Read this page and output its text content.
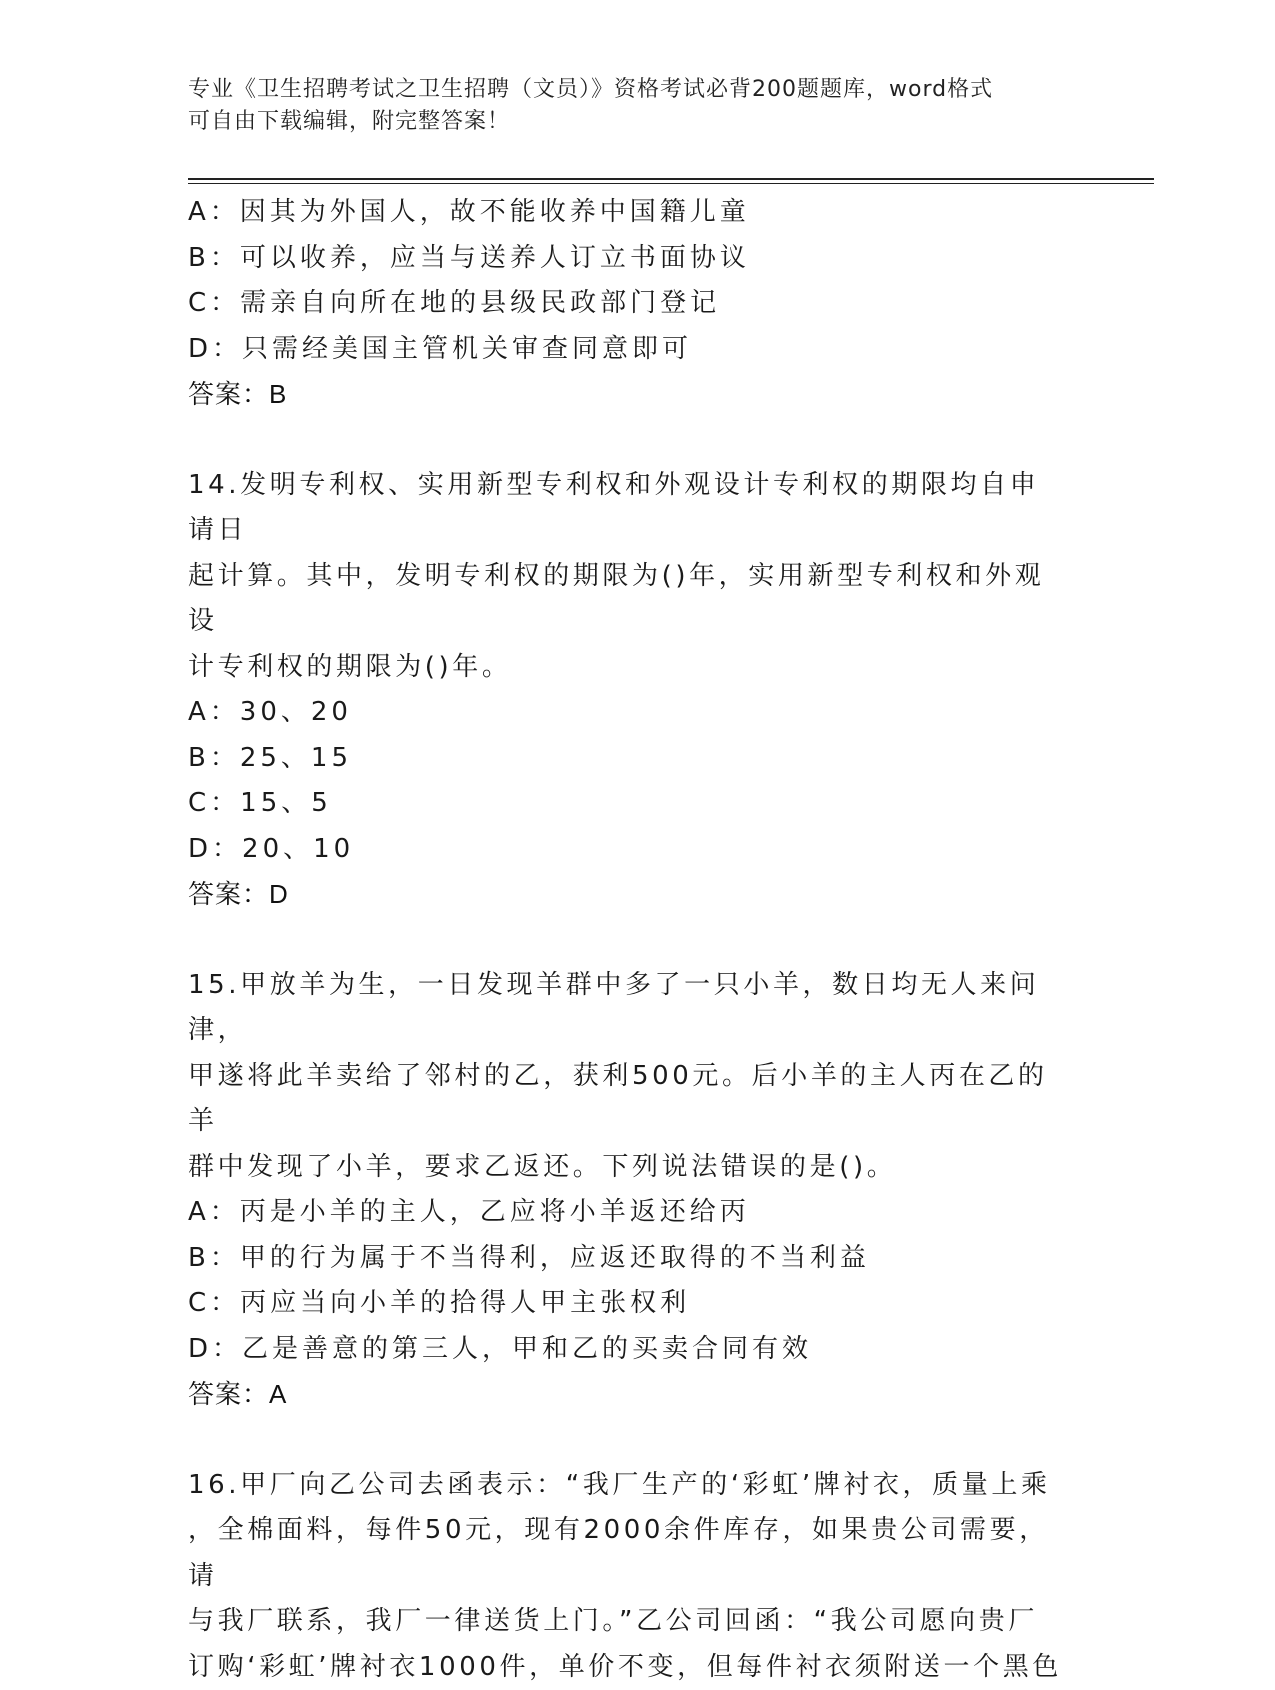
专业《卫生招聘考试之卫生招聘（文员）》资格考试必背200题题库，word格式
可自由下载编辑，附完整答案！
A：因其为外国人，故不能收养中国籍儿童
B：可以收养，应当与送养人订立书面协议
C：需亲自向所在地的县级民政部门登记
D：只需经美国主管机关审查同意即可
答案：B
14.发明专利权、实用新型专利权和外观设计专利权的期限均自申请日
起计算。其中，发明专利权的期限为()年，实用新型专利权和外观设
计专利权的期限为()年。
A：30、20
B：25、15
C：15、5
D：20、10
答案：D
15.甲放羊为生，一日发现羊群中多了一只小羊，数日均无人来问津，
甲遂将此羊卖给了邻村的乙，获利500元。后小羊的主人丙在乙的羊
群中发现了小羊，要求乙返还。下列说法错误的是()。
A：丙是小羊的主人，乙应将小羊返还给丙
B：甲的行为属于不当得利，应返还取得的不当利益
C：丙应当向小羊的拾得人甲主张权利
D：乙是善意的第三人，甲和乙的买卖合同有效
答案：A
16.甲厂向乙公司去函表示：“我厂生产的‘彩虹’牌衬衣，质量上乘
，全棉面料，每件50元，现有2000余件库存，如果贵公司需要，请
与我厂联系，我厂一律送货上门。”乙公司回函：“我公司愿向贵厂
订购‘彩虹’牌衬衣1000件，单价不变，但每件衬衣须附送一个黑色
